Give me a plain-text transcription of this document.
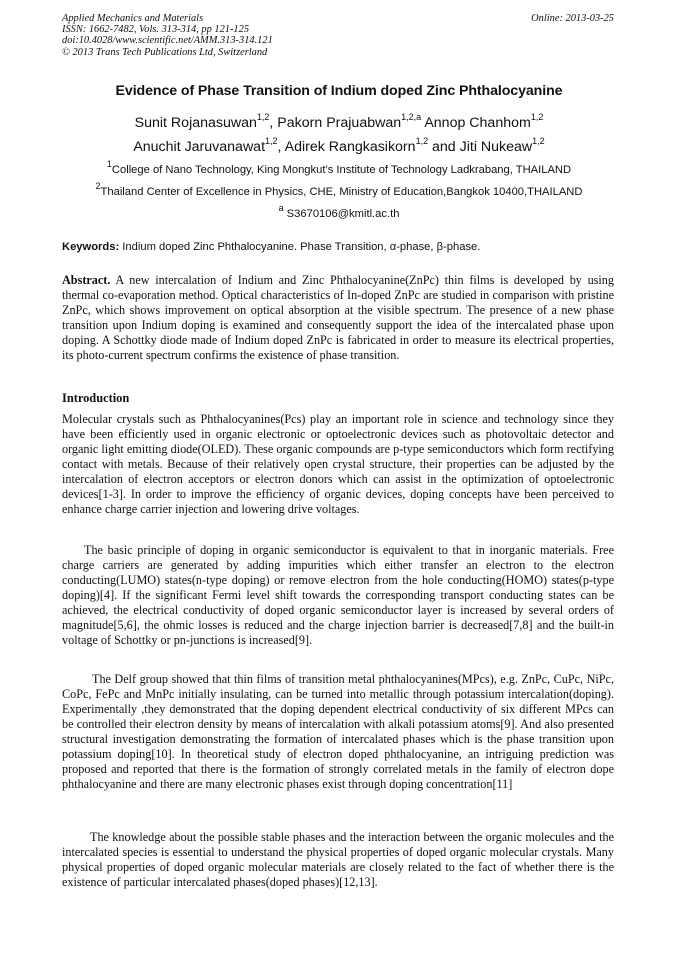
Applied Mechanics and Materials
ISSN: 1662-7482, Vols. 313-314, pp 121-125
doi:10.4028/www.scientific.net/AMM.313-314.121
© 2013 Trans Tech Publications Ltd, Switzerland
Online: 2013-03-25
Evidence of Phase Transition of Indium doped Zinc Phthalocyanine
Sunit Rojanasuwan$^{1,2}$, Pakorn Prajuabwan$^{1,2,a}$ Annop Chanhom$^{1,2}$
Anuchit Jaruvanawat$^{1,2}$, Adirek Rangkasikorn$^{1,2}$ and Jiti Nukeaw$^{1,2}$
$^1$College of Nano Technology, King Mongkut’s Institute of Technology Ladkrabang, THAILAND
$^2$Thailand Center of Excellence in Physics, CHE, Ministry of Education,Bangkok 10400,THAILAND
$^a$ S3670106@kmitl.ac.th
Keywords: Indium doped Zinc Phthalocyanine. Phase Transition, α-phase, β-phase.
Abstract. A new intercalation of Indium and Zinc Phthalocyanine(ZnPc) thin films is developed by using thermal co-evaporation method. Optical characteristics of In-doped ZnPc are studied in comparison with pristine ZnPc, which shows improvement on optical absorption at the visible spectrum. The presence of a new phase transition upon Indium doping is examined and consequently support the idea of the intercalated phase upon doping. A Schottky diode made of Indium doped ZnPc is fabricated in order to measure its electrical properties, its photo-current spectrum confirms the existence of phase transition.
Introduction
Molecular crystals such as Phthalocyanines(Pcs) play an important role in science and technology since they have been efficiently used in organic electronic or optoelectronic devices such as photovoltaic detector and organic light emitting diode(OLED). These organic compounds are p-type semiconductors which form rectifying contact with metals. Because of their relatively open crystal structure, their properties can be adjusted by the intercalation of electron acceptors or electron donors which can assist in the optimization of optoelectronic devices[1-3]. In order to improve the efficiency of organic devices, doping concepts have been perceived to enhance charge carrier injection and lowering drive voltages.
The basic principle of doping in organic semiconductor is equivalent to that in inorganic materials. Free charge carriers are generated by adding impurities which either transfer an electron to the electron conducting(LUMO) states(n-type doping) or remove electron from the hole conducting(HOMO) states(p-type doping)[4]. If the significant Fermi level shift towards the corresponding transport conducting states can be achieved, the electrical conductivity of doped organic semiconductor layer is increased by several orders of magnitude[5,6], the ohmic losses is reduced and the charge injection barrier is decreased[7,8] and the built-in voltage of Schottky or pn-junctions is increased[9].
The Delf group showed that thin films of transition metal phthalocyanines(MPcs), e.g. ZnPc, CuPc, NiPc, CoPc, FePc and MnPc initially insulating, can be turned into metallic through potassium intercalation(doping). Experimentally ,they demonstrated that the doping dependent electrical conductivity of six different MPcs can be controlled their electron density by means of intercalation with alkali potassium atoms[9]. And also presented structural investigation demonstrating the formation of intercalated phases which is the phase transition upon potassium doping[10]. In theoretical study of electron doped phthalocyanine, an intriguing prediction was proposed and reported that there is the formation of strongly correlated metals in the family of electron dope phthalocyanine and there are many electronic phases exist through doping concentration[11]
The knowledge about the possible stable phases and the interaction between the organic molecules and the intercalated species is essential to understand the physical properties of doped organic molecular crystals. Many physical properties of doped organic molecular materials are closely related to the fact of whether there is the existence of particular intercalated phases(doped phases)[12,13].
